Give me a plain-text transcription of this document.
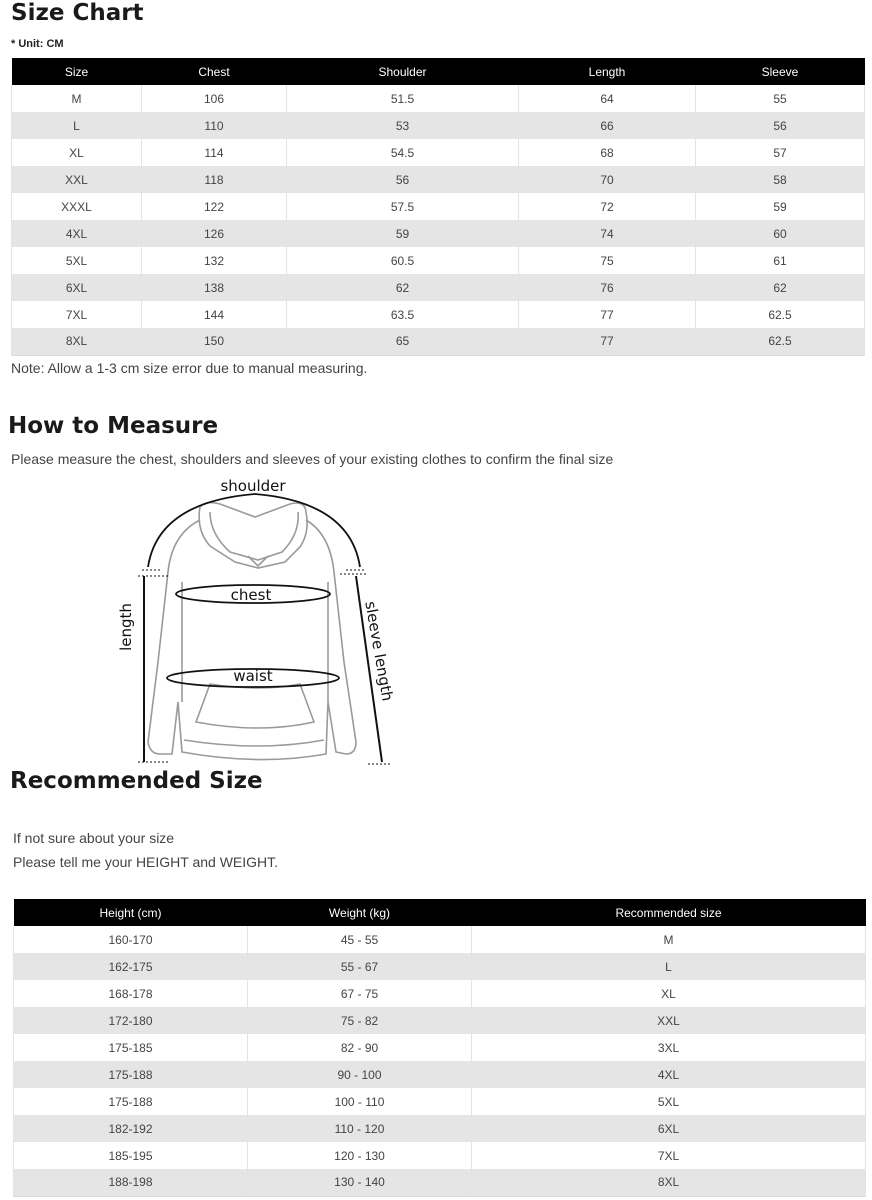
Size Chart
* Unit: CM
Size	Chest	Shoulder	Length	Sleeve
M	106	51.5	64	55
L	110	53	66	56
XL	114	54.5	68	57
XXL	118	56	70	58
XXXL	122	57.5	72	59
4XL	126	59	74	60
5XL	132	60.5	75	61
6XL	138	62	76	62
7XL	144	63.5	77	62.5
8XL	150	65	77	62.5
Note: Allow a 1-3 cm size error due to manual measuring.
How to Measure
Please measure the chest, shoulders and sleeves of your existing clothes to confirm the final size
shoulder
chest
waist
length	sleeve length
Recommended Size
If not sure about your size
Please tell me your HEIGHT and WEIGHT.
Height (cm)	Weight (kg)	Recommended size
160-170	45 - 55	M
162-175	55 - 67	L
168-178	67 - 75	XL
172-180	75 - 82	XXL
175-185	82 - 90	3XL
175-188	90 - 100	4XL
175-188	100 - 110	5XL
182-192	110 - 120	6XL
185-195	120 - 130	7XL
188-198	130 - 140	8XL
